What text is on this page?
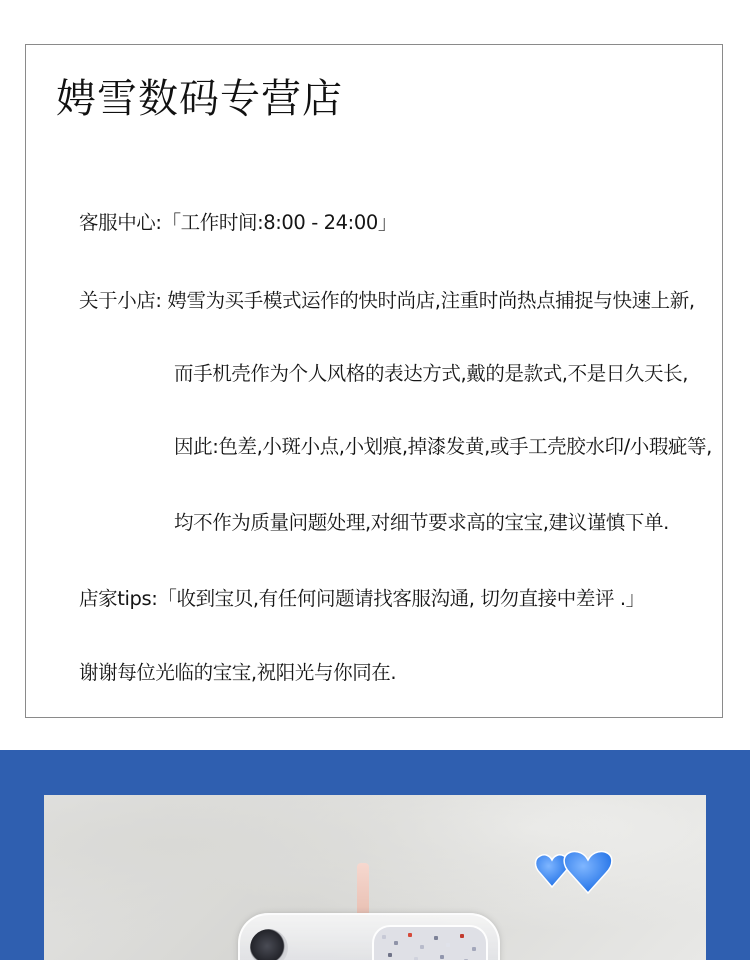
娉雪数码专营店
客服中心:「工作时间:8:00 - 24:00」
关于小店: 娉雪为买手模式运作的快时尚店,注重时尚热点捕捉与快速上新,
而手机壳作为个人风格的表达方式,戴的是款式,不是日久天长,
因此:色差,小斑小点,小划痕,掉漆发黄,或手工壳胶水印/小瑕疵等,
均不作为质量问题处理,对细节要求高的宝宝,建议谨慎下单.
店家tips:「收到宝贝,有任何问题请找客服沟通, 切勿直接中差评 .」
谢谢每位光临的宝宝,祝阳光与你同在.
